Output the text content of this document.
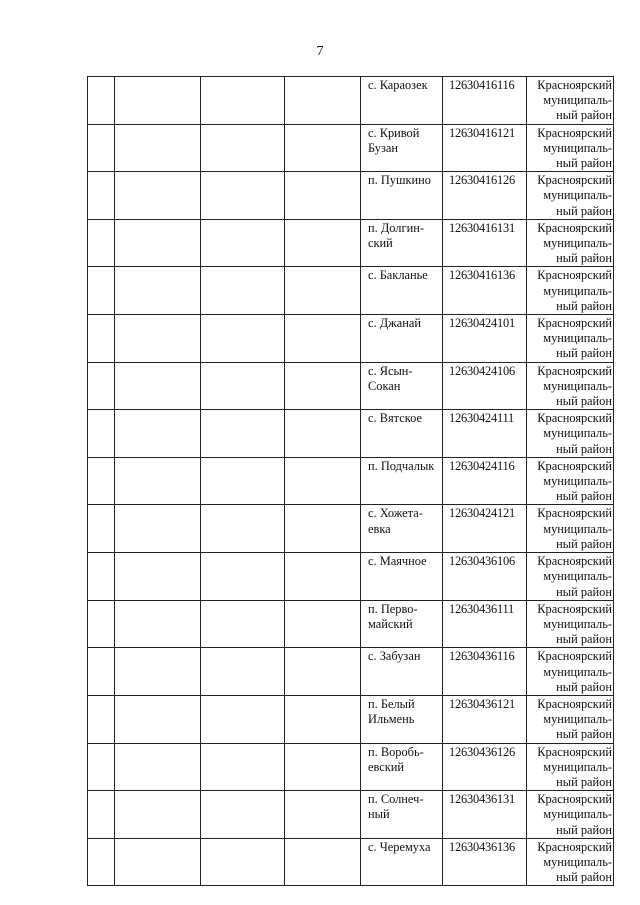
7

				с. Караозек	12630416116	Красноярский
муниципаль-
ный район

				с. Кривой
Бузан	12630416121	Красноярский
муниципаль-
ный район

				п. Пушкино	12630416126	Красноярский
муниципаль-
ный район

				п. Долгин-
ский	12630416131	Красноярский
муниципаль-
ный район

				с. Бакланье	12630416136	Красноярский
муниципаль-
ный район

				с. Джанай	12630424101	Красноярский
муниципаль-
ный район

				с. Ясын-
Сокан	12630424106	Красноярский
муниципаль-
ный район

				с. Вятское	12630424111	Красноярский
муниципаль-
ный район

				п. Подчалык	12630424116	Красноярский
муниципаль-
ный район

				с. Хожета-
евка	12630424121	Красноярский
муниципаль-
ный район

				с. Маячное	12630436106	Красноярский
муниципаль-
ный район

				п. Перво-
майский	12630436111	Красноярский
муниципаль-
ный район

				с. Забузан	12630436116	Красноярский
муниципаль-
ный район

				п. Белый
Ильмень	12630436121	Красноярский
муниципаль-
ный район

				п. Воробь-
евский	12630436126	Красноярский
муниципаль-
ный район

				п. Солнеч-
ный	12630436131	Красноярский
муниципаль-
ный район

				с. Черемуха	12630436136	Красноярский
муниципаль-
ный район
